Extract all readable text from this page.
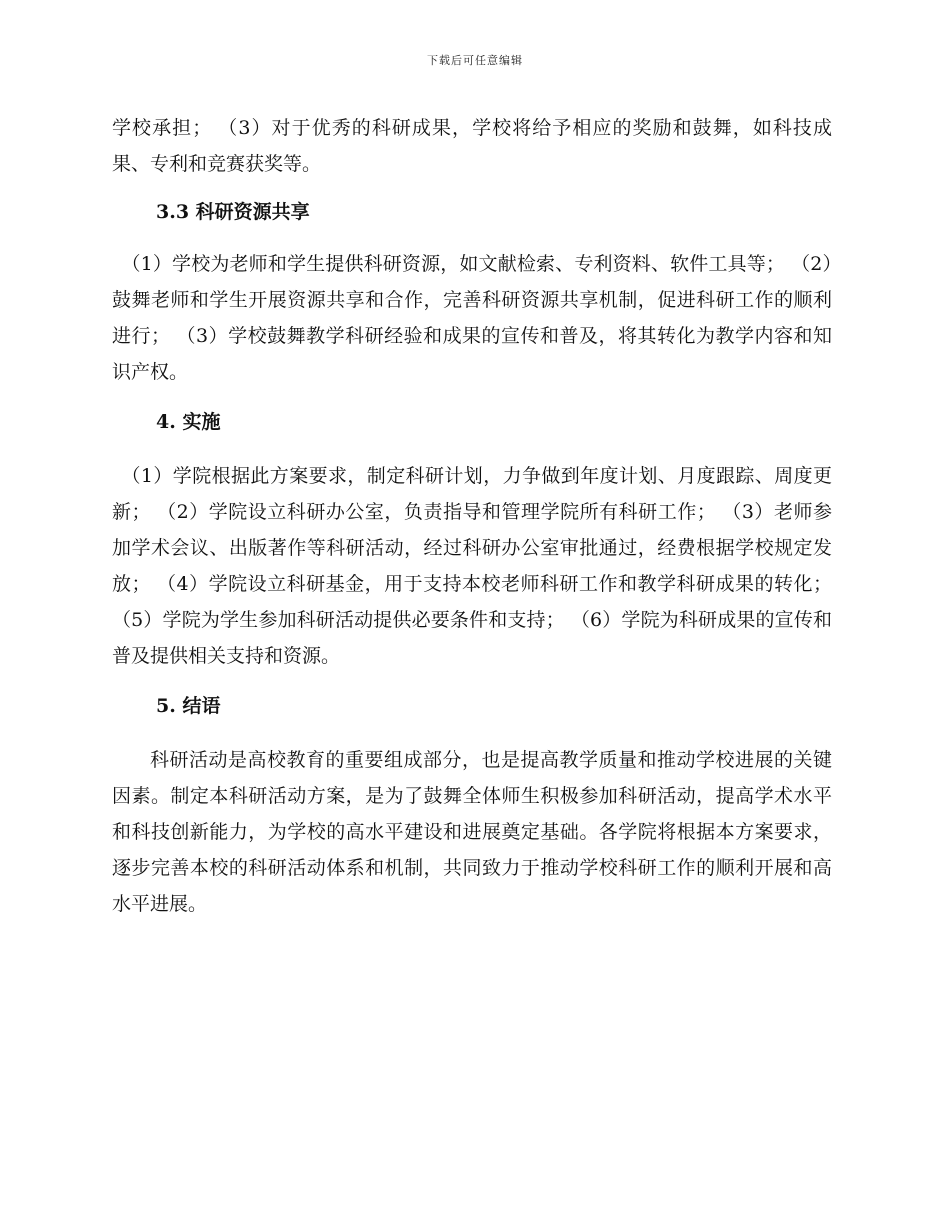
下载后可任意编辑

学校承担； （3）对于优秀的科研成果，学校将给予相应的奖励和鼓舞，如科技成果、专利和竞赛获奖等。

3.3 科研资源共享

（1）学校为老师和学生提供科研资源，如文献检索、专利资料、软件工具等； （2）鼓舞老师和学生开展资源共享和合作，完善科研资源共享机制，促进科研工作的顺利进行； （3）学校鼓舞教学科研经验和成果的宣传和普及，将其转化为教学内容和知识产权。

4. 实施

（1）学院根据此方案要求，制定科研计划，力争做到年度计划、月度跟踪、周度更新； （2）学院设立科研办公室，负责指导和管理学院所有科研工作； （3）老师参加学术会议、出版著作等科研活动，经过科研办公室审批通过，经费根据学校规定发放； （4）学院设立科研基金，用于支持本校老师科研工作和教学科研成果的转化； （5）学院为学生参加科研活动提供必要条件和支持； （6）学院为科研成果的宣传和普及提供相关支持和资源。

5. 结语

科研活动是高校教育的重要组成部分，也是提高教学质量和推动学校进展的关键因素。制定本科研活动方案，是为了鼓舞全体师生积极参加科研活动，提高学术水平和科技创新能力，为学校的高水平建设和进展奠定基础。各学院将根据本方案要求，逐步完善本校的科研活动体系和机制，共同致力于推动学校科研工作的顺利开展和高水平进展。
